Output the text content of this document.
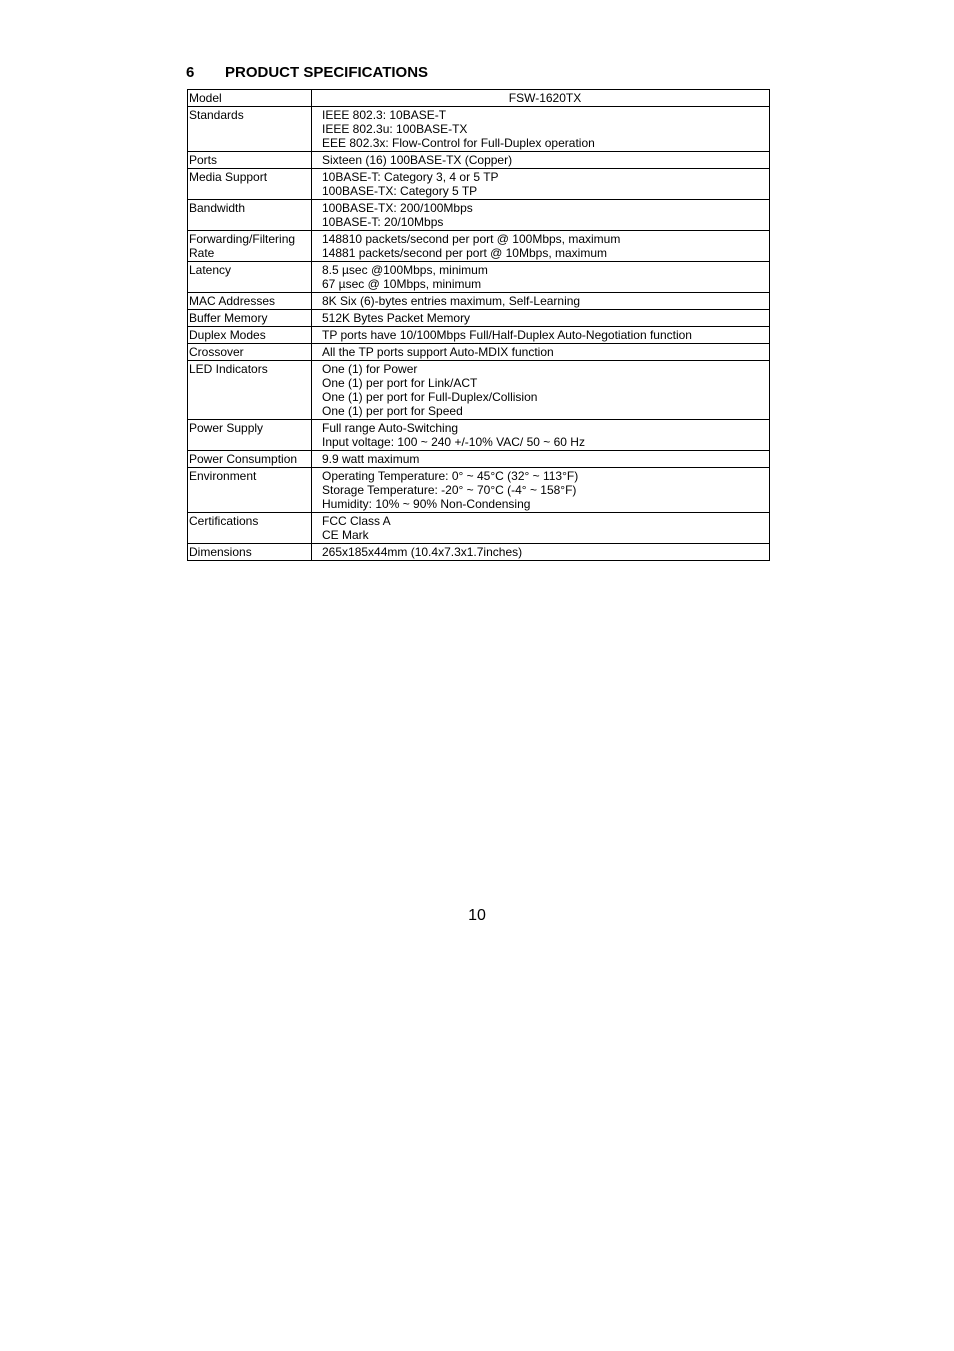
6 PRODUCT SPECIFICATIONS
Model	FSW-1620TX

Standards	IEEE 802.3: 10BASE-T
IEEE 802.3u: 100BASE-TX
EEE 802.3x: Flow-Control for Full-Duplex operation

Ports	Sixteen (16) 100BASE-TX (Copper)

Media Support	10BASE-T: Category 3, 4 or 5 TP
100BASE-TX: Category 5 TP

Bandwidth	100BASE-TX: 200/100Mbps
10BASE-T: 20/10Mbps

Forwarding/Filtering Rate	148810 packets/second per port @ 100Mbps, maximum
14881 packets/second per port @ 10Mbps, maximum

Latency	8.5 µsec @100Mbps, minimum
67 µsec @ 10Mbps, minimum

MAC Addresses	8K Six (6)-bytes entries maximum, Self-Learning

Buffer Memory	512K Bytes Packet Memory

Duplex Modes	TP ports have 10/100Mbps Full/Half-Duplex Auto-Negotiation function

Crossover	All the TP ports support Auto-MDIX function

LED Indicators	One (1) for Power
One (1) per port for Link/ACT
One (1) per port for Full-Duplex/Collision
One (1) per port for Speed

Power Supply	Full range Auto-Switching
Input voltage: 100 ~ 240 +/-10% VAC/ 50 ~ 60 Hz

Power Consumption	9.9 watt maximum

Environment	Operating Temperature: 0° ~ 45°C (32° ~ 113°F)
Storage Temperature: -20° ~ 70°C (-4° ~ 158°F)
Humidity: 10% ~ 90% Non-Condensing

Certifications	FCC Class A
CE Mark

Dimensions	265x185x44mm (10.4x7.3x1.7inches)
10
